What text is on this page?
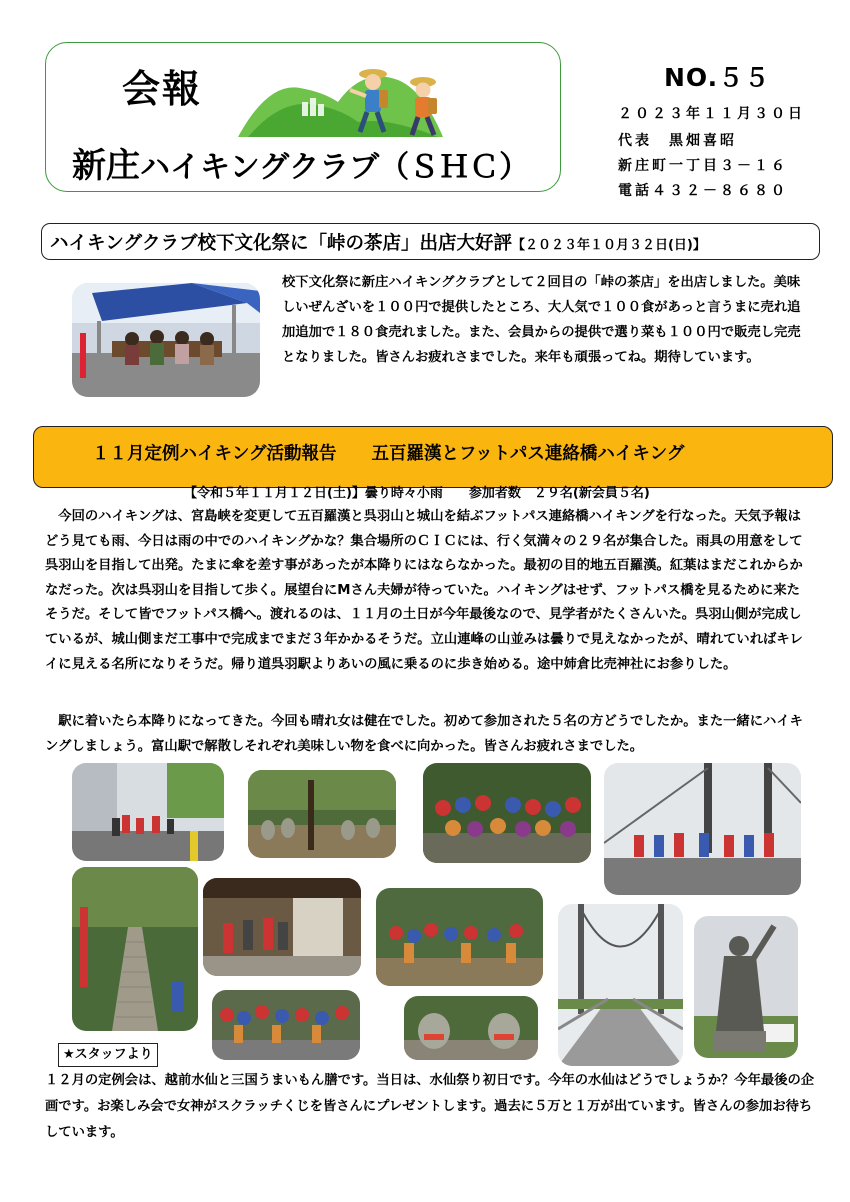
会報
新庄ハイキングクラブ（ＳＨＣ）
NO.５５
２０２３年１１月３０日
代表　黒畑喜昭
新庄町一丁目３－１６
電話４３２－８６８０
ハイキングクラブ校下文化祭に「峠の茶店」出店大好評【２０２３年１０月３２日(日)】
校下文化祭に新庄ハイキングクラブとして２回目の「峠の茶店」を出店しました。美味しいぜんざいを１００円で提供したところ、大人気で１００食があっと言うまに売れ追加追加で１８０食売れました。また、会員からの提供で選り菜も１００円で販売し完売となりました。皆さんお疲れさまでした。来年も頑張ってね。期待しています。
１１月定例ハイキング活動報告　　五百羅漢とフットパス連絡橋ハイキング
【令和５年１１月１２日(土)】曇り時々小雨　　参加者数　２９名(新会員５名)
　今回のハイキングは、宮島峡を変更して五百羅漢と呉羽山と城山を結ぶフットパス連絡橋ハイキングを行なった。天気予報はどう見ても雨、今日は雨の中でのハイキングかな？集合場所のＣＩＣには、行く気満々の２９名が集合した。雨具の用意をして呉羽山を目指して出発。たまに傘を差す事があったが本降りにはならなかった。最初の目的地五百羅漢。紅葉はまだこれからかなだった。次は呉羽山を目指して歩く。展望台にMさん夫婦が待っていた。ハイキングはせず、フットパス橋を見るために来たそうだ。そして皆でフットパス橋へ。渡れるのは、１１月の土日が今年最後なので、見学者がたくさんいた。呉羽山側が完成しているが、城山側まだ工事中で完成までまだ３年かかるそうだ。立山連峰の山並みは曇りで見えなかったが、晴れていればキレイに見える名所になりそうだ。帰り道呉羽駅よりあいの風に乗るのに歩き始める。途中姉倉比売神社にお参りした。
　駅に着いたら本降りになってきた。今回も晴れ女は健在でした。初めて参加された５名の方どうでしたか。また一緒にハイキングしましょう。富山駅で解散しそれぞれ美味しい物を食べに向かった。皆さんお疲れさまでした。
★スタッフより
１２月の定例会は、越前水仙と三国うまいもん膳です。当日は、水仙祭り初日です。今年の水仙はどうでしょうか？今年最後の企画です。お楽しみ会で女神がスクラッチくじを皆さんにプレゼントします。過去に５万と１万が出ています。皆さんの参加お待ちしています。
